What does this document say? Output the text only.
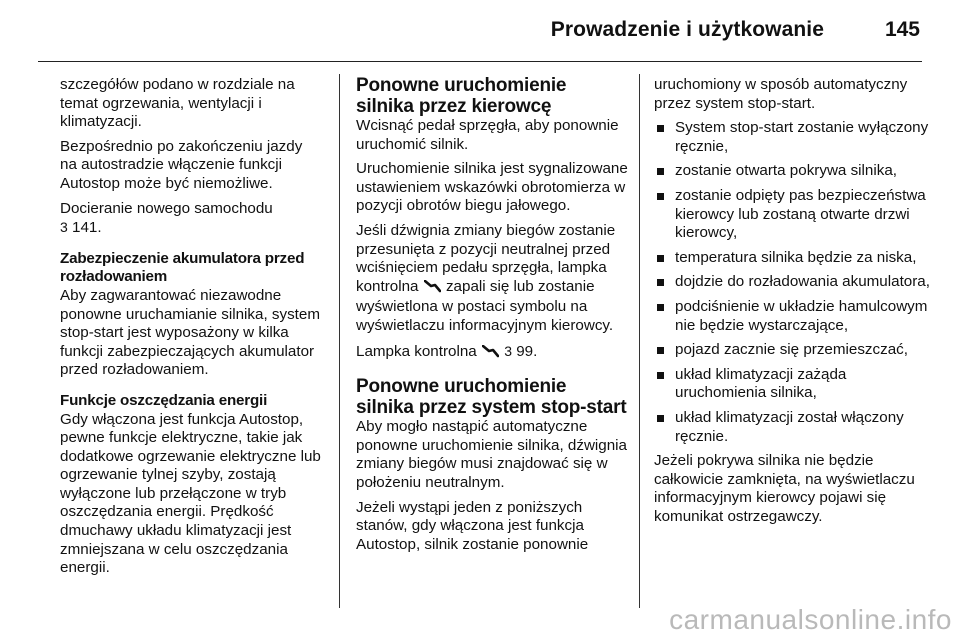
Prowadzenie i użytkowanie	145

szczegółów podano w rozdziale na temat ogrzewania, wentylacji i klimatyzacji.

Bezpośrednio po zakończeniu jazdy na autostradzie włączenie funkcji Autostop może być niemożliwe.

Docieranie nowego samochodu
3 141.

Zabezpieczenie akumulatora przed rozładowaniem

Aby zagwarantować niezawodne ponowne uruchamianie silnika, system stop-start jest wyposażony w kilka funkcji zabezpieczających akumulator przed rozładowaniem.

Funkcje oszczędzania energii

Gdy włączona jest funkcja Autostop, pewne funkcje elektryczne, takie jak dodatkowe ogrzewanie elektryczne lub ogrzewanie tylnej szyby, zostają wyłączone lub przełączone w tryb oszczędzania energii. Prędkość dmuchawy układu klimatyzacji jest zmniejszana w celu oszczędzania energii.

Ponowne uruchomienie silnika przez kierowcę

Wcisnąć pedał sprzęgła, aby ponownie uruchomić silnik.

Uruchomienie silnika jest sygnalizowane ustawieniem wskazówki obrotomierza w pozycji obrotów biegu jałowego.

Jeśli dźwignia zmiany biegów zostanie przesunięta z pozycji neutralnej przed wciśnięciem pedału sprzęgła, lampka kontrolna zapali się lub zostanie wyświetlona w postaci symbolu na wyświetlaczu informacyjnym kierowcy.

Lampka kontrolna 3 99.

Ponowne uruchomienie silnika przez system stop-start

Aby mogło nastąpić automatyczne ponowne uruchomienie silnika, dźwignia zmiany biegów musi znajdować się w położeniu neutralnym.

Jeżeli wystąpi jeden z poniższych stanów, gdy włączona jest funkcja Autostop, silnik zostanie ponownie

uruchomiony w sposób automatyczny przez system stop-start.

System stop-start zostanie wyłączony ręcznie,
zostanie otwarta pokrywa silnika,
zostanie odpięty pas bezpieczeństwa kierowcy lub zostaną otwarte drzwi kierowcy,
temperatura silnika będzie za niska,
dojdzie do rozładowania akumulatora,
podciśnienie w układzie hamulcowym nie będzie wystarczające,
pojazd zacznie się przemieszczać,
układ klimatyzacji zażąda uruchomienia silnika,
układ klimatyzacji został włączony ręcznie.

Jeżeli pokrywa silnika nie będzie całkowicie zamknięta, na wyświetlaczu informacyjnym kierowcy pojawi się komunikat ostrzegawczy.

carmanualsonline.info
